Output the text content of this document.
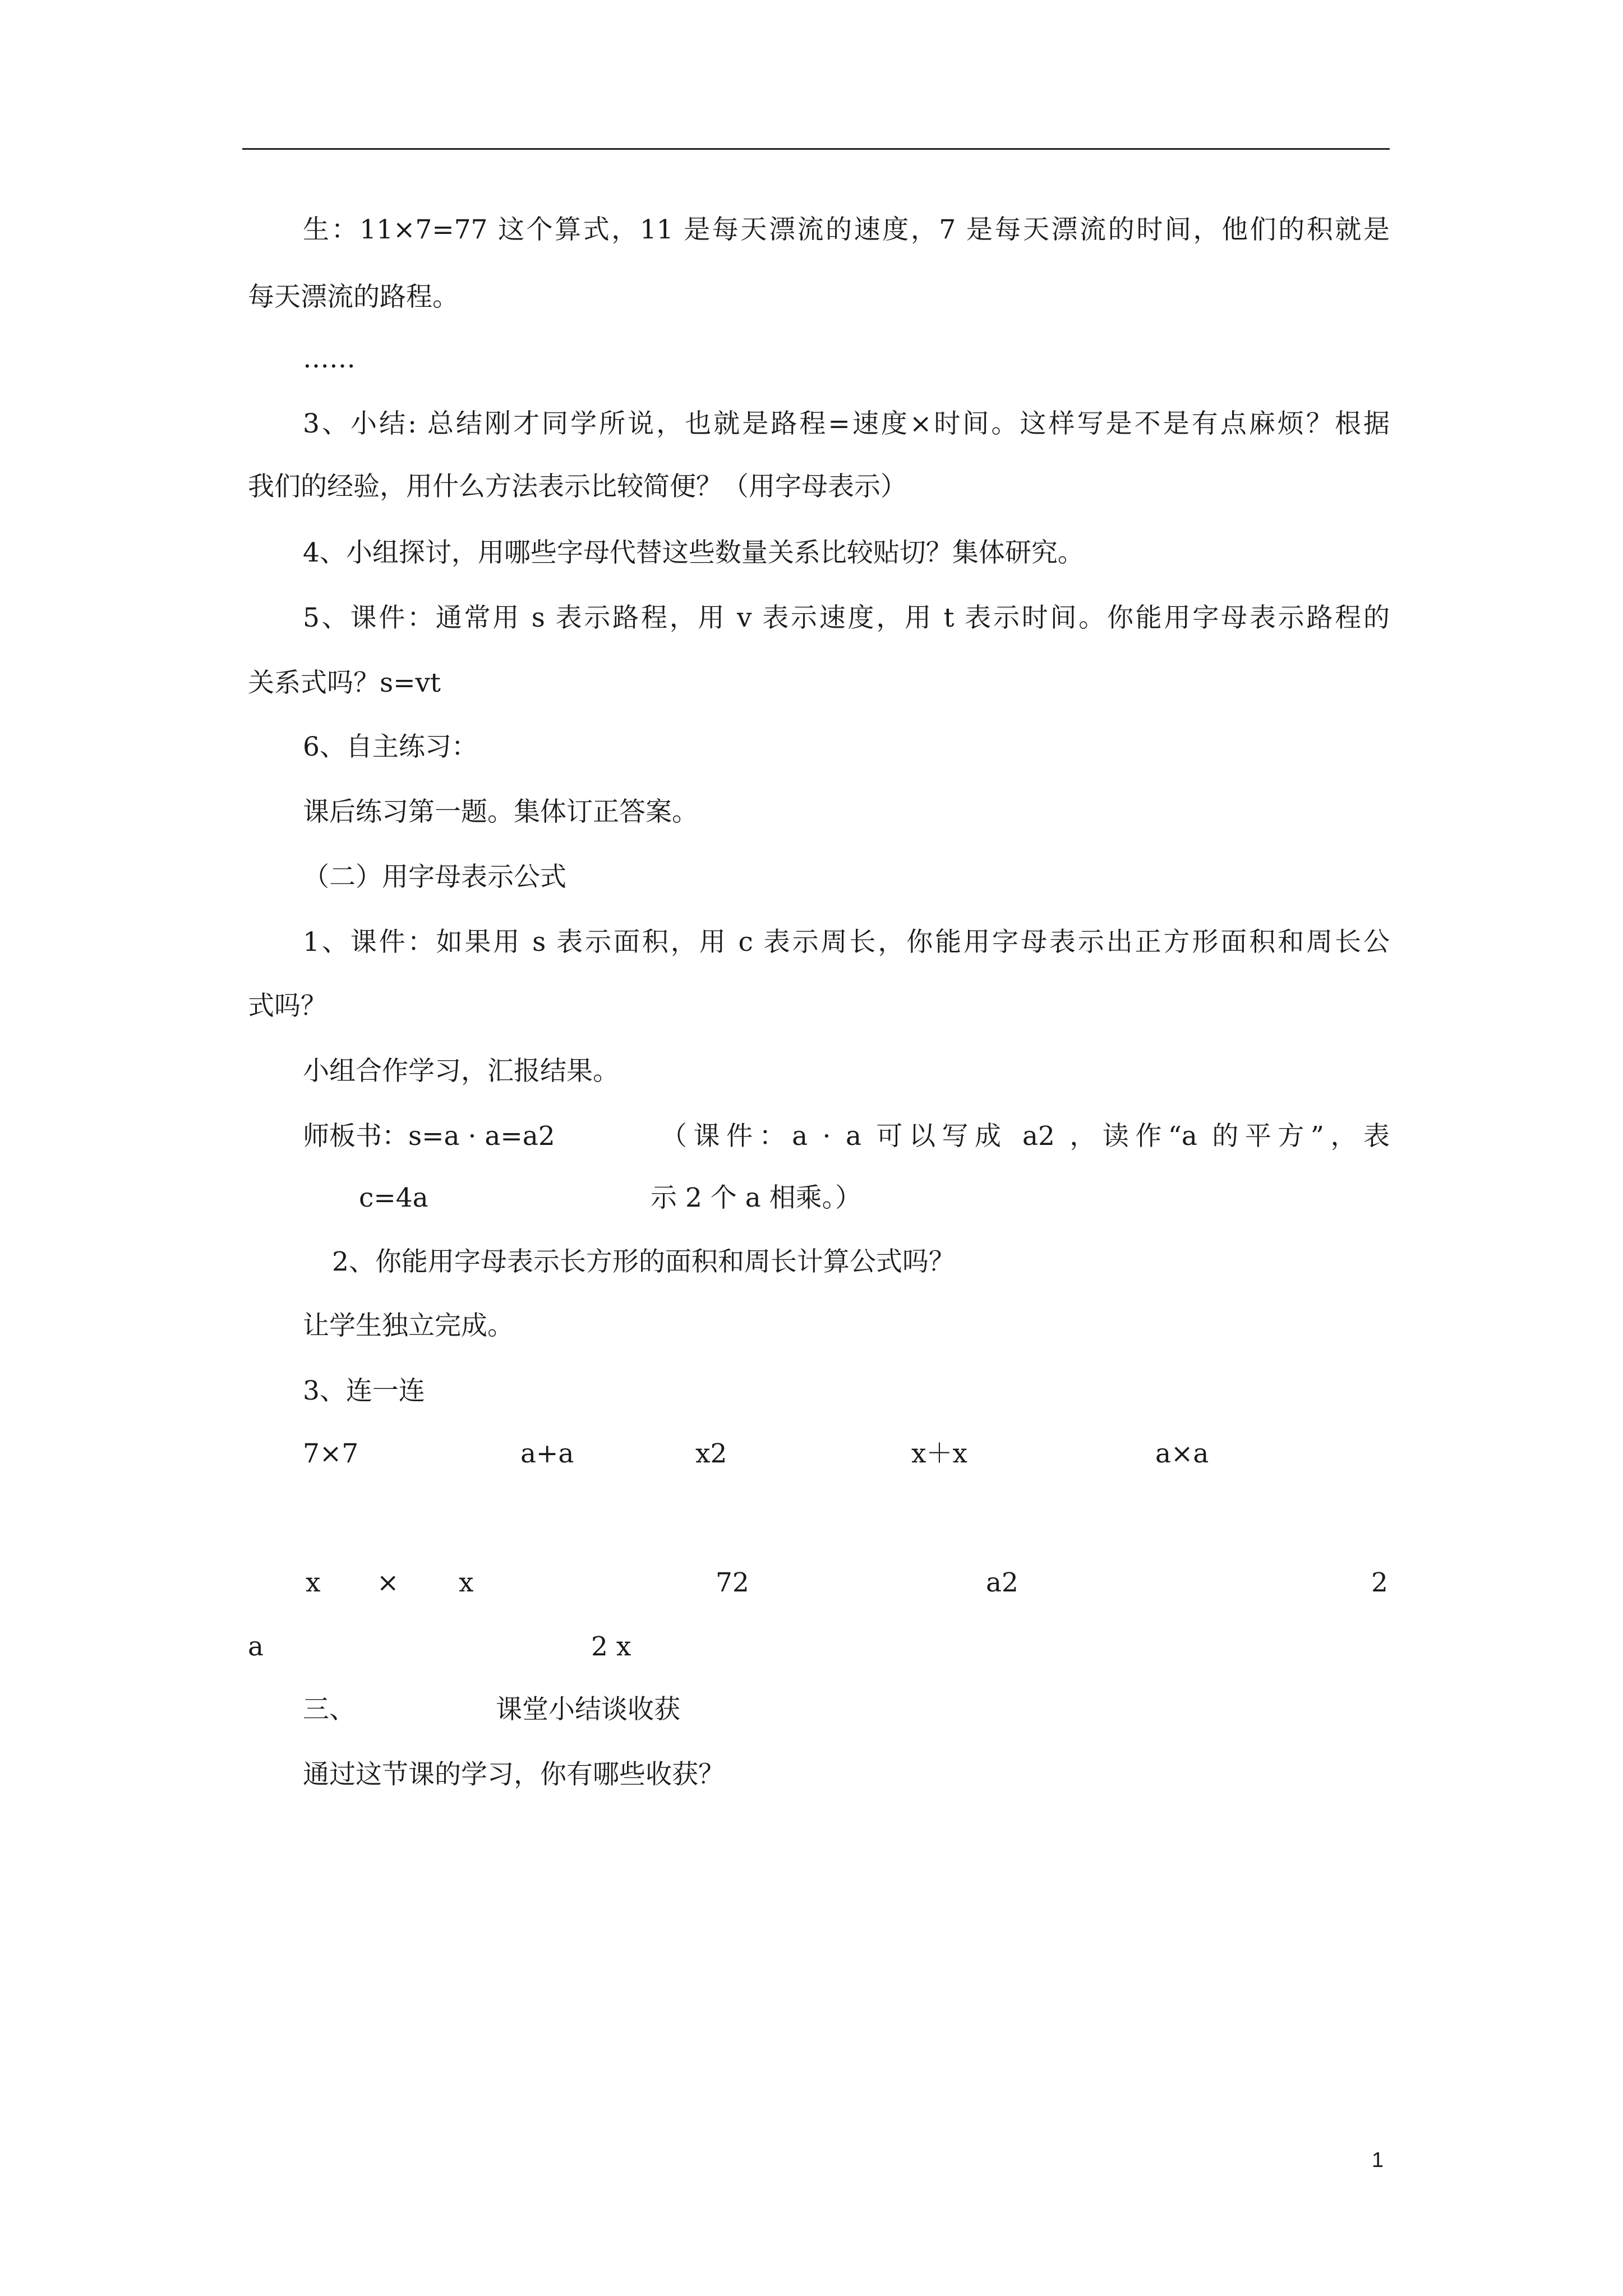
生：11×7=77 这个算式，11 是每天漂流的速度，7 是每天漂流的时间，他们的积就是
每天漂流的路程。
……
3、小结: 总结刚才同学所说，也就是路程=速度×时间。这样写是不是有点麻烦？根据
我们的经验，用什么方法表示比较简便？（用字母表示）
4、小组探讨，用哪些字母代替这些数量关系比较贴切？集体研究。
5、课件：通常用 s 表示路程，用 v 表示速度，用 t 表示时间。你能用字母表示路程的
关系式吗？s=vt
6、自主练习：
课后练习第一题。集体订正答案。
（二）用字母表示公式
1、课件：如果用 s 表示面积，用 c 表示周长，你能用字母表示出正方形面积和周长公
式吗？
小组合作学习，汇报结果。
师板书：s=a · a=a2	（课件：a · a 可以写成 a2 ，读作“a 的平方”，表
c=4a	示 2 个 a 相乘。）
2、你能用字母表示长方形的面积和周长计算公式吗？
让学生独立完成。
3、连一连
7×7	a+a	x2	x＋x	a×a
x × x	72	a2	2
a	2 x
三、	课堂小结谈收获
通过这节课的学习，你有哪些收获？
1
